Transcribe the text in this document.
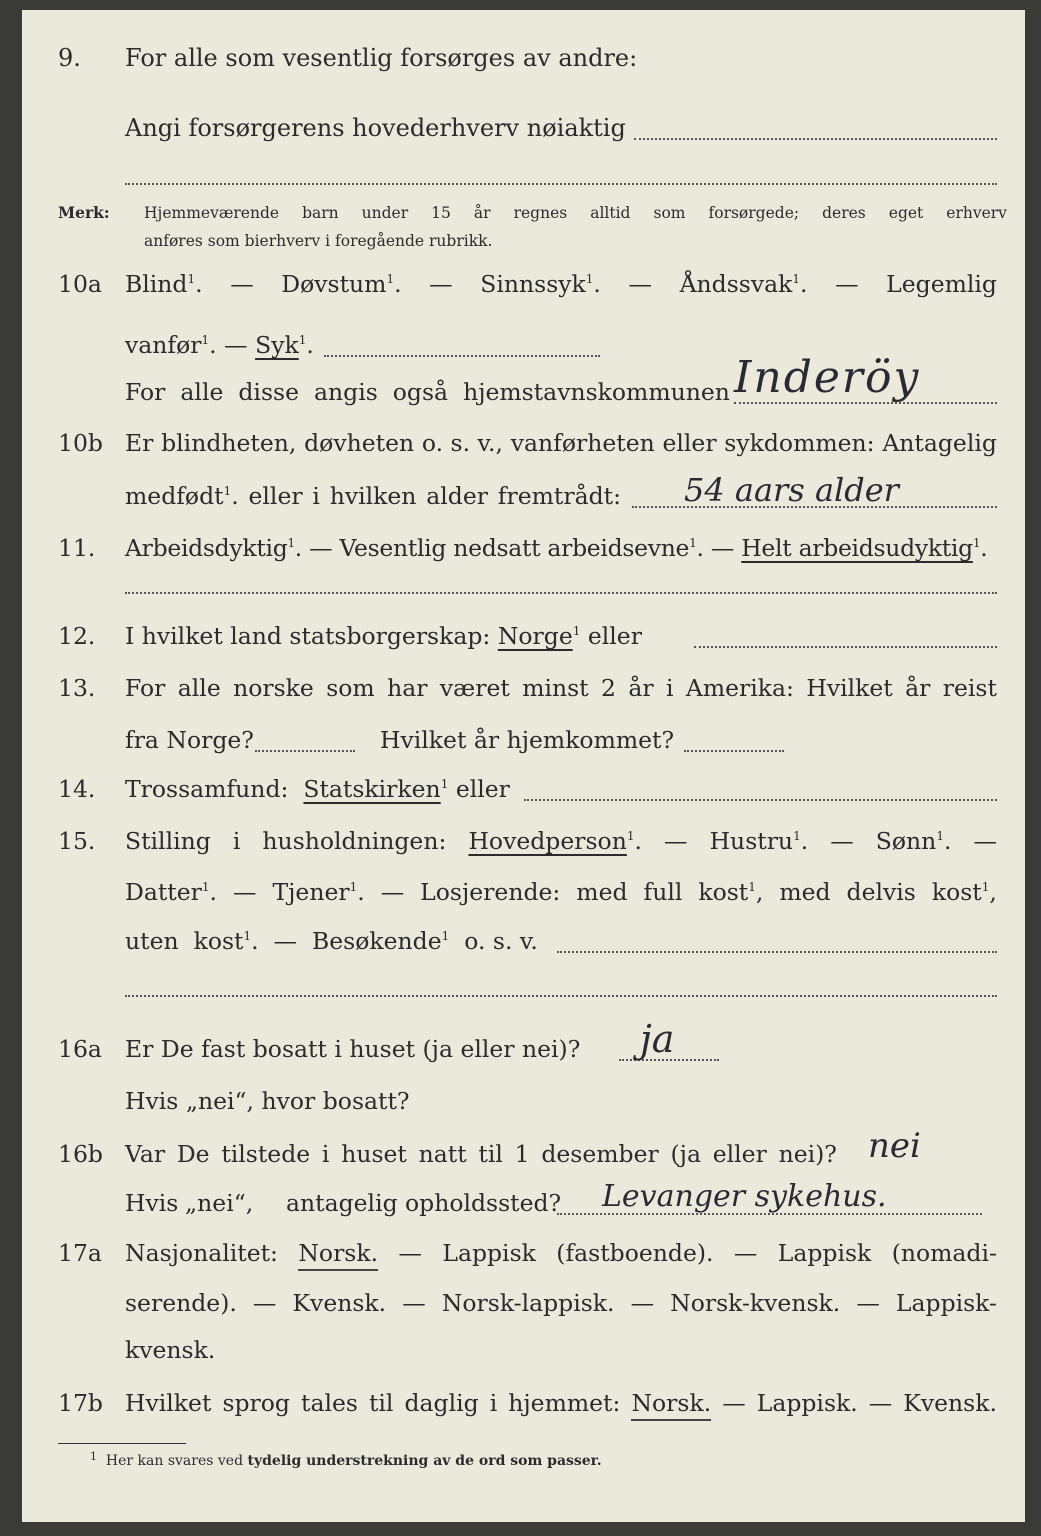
9. For alle som vesentlig forsørges av andre:
Angi forsørgerens hovederhverv nøiaktig
Merk: Hjemmeværende barn under 15 år regnes alltid som forsørgede; deres eget erhverv
anføres som bierhverv i foregående rubrikk.
10a Blind$^1$. — Døvstum$^1$. — Sinnssyk$^1$. — Åndssvak$^1$. — Legemlig
vanfør$^1$. — Syk$^1$.
For alle disse angis også hjemstavnskommunen Inderöy
10b Er blindheten, døvheten o. s. v., vanførheten eller sykdommen: Antagelig
medfødt$^1$. eller i hvilken alder fremtrådt: 54 aars alder
11. Arbeidsdyktig$^1$. — Vesentlig nedsatt arbeidsevne$^1$. — Helt arbeidsudyktig$^1$.
12. I hvilket land statsborgerskap: Norge$^1$ eller
13. For alle norske som har været minst 2 år i Amerika: Hvilket år reist
fra Norge?	Hvilket år hjemkommet?
14. Trossamfund: Statskirken$^1$ eller
15. Stilling i husholdningen: Hovedperson$^1$. — Hustru$^1$. — Sønn$^1$. —
Datter$^1$. — Tjener$^1$. — Losjerende: med full kost$^1$, med delvis kost$^1$,
uten kost$^1$.  — Besøkende$^1$ o. s. v.
16a Er De fast bosatt i huset (ja eller nei)? ja
Hvis „nei“, hvor bosatt?
16b Var De tilstede i huset natt til 1 desember (ja eller nei)? nei
Hvis „nei“, antagelig opholdssted? Levanger sykehus.
17a Nasjonalitet: Norsk. — Lappisk (fastboende). — Lappisk (nomadi-
serende). — Kvensk. — Norsk-lappisk. — Norsk-kvensk. — Lappisk-
kvensk.
17b Hvilket sprog tales til daglig i hjemmet: Norsk. — Lappisk. — Kvensk.
$^1$ Her kan svares ved tydelig understrekning av de ord som passer.
